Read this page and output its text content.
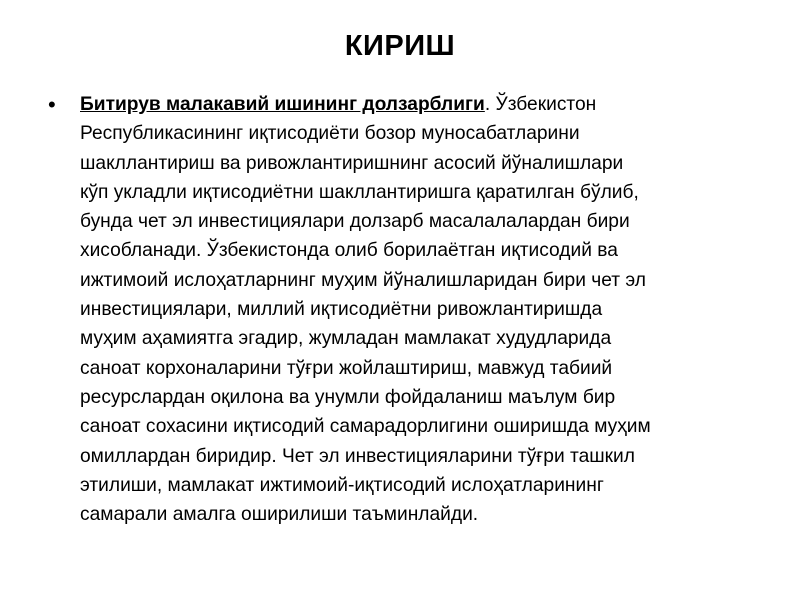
КИРИШ
• Битирув малакавий ишининг долзарблиги. Ўзбекистон
Республикасининг иқтисодиёти бозор муносабатларини
шакллантириш ва ривожлантиришнинг асосий йўналишлари
кўп укладли иқтисодиётни шакллантиришга қаратилган бўлиб,
бунда чет эл инвестициялари долзарб масалалалардан бири
хисобланади. Ўзбекистонда олиб борилаётган иқтисодий ва
ижтимоий ислоҳатларнинг муҳим йўналишларидан бири чет эл
инвестициялари, миллий иқтисодиётни ривожлантиришда
муҳим аҳамиятга эгадир, жумладан мамлакат худудларида
саноат корхоналарини тўғри жойлаштириш, мавжуд табиий
ресурслардан оқилона ва унумли фойдаланиш маълум бир
саноат сохасини иқтисодий самарадорлигини оширишда муҳим
омиллардан биридир. Чет эл инвестицияларини тўғри ташкил
этилиши, мамлакат ижтимоий-иқтисодий ислоҳатларининг
самарали амалга оширилиши таъминлайди.
